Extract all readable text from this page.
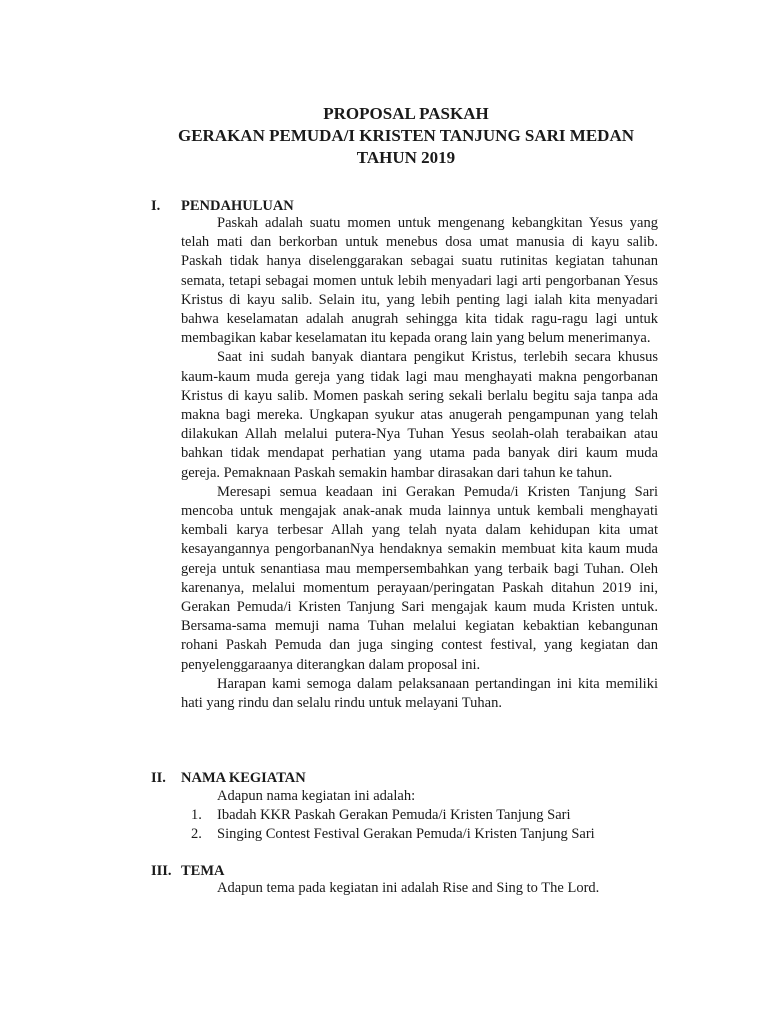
PROPOSAL PASKAH
GERAKAN PEMUDA/I KRISTEN TANJUNG SARI MEDAN
TAHUN 2019
I. PENDAHULUAN

Paskah adalah suatu momen untuk mengenang kebangkitan Yesus yang telah mati dan berkorban untuk menebus dosa umat manusia di kayu salib. Paskah tidak hanya diselenggarakan sebagai suatu rutinitas kegiatan tahunan semata, tetapi sebagai momen untuk lebih menyadari lagi arti pengorbanan Yesus Kristus di kayu salib. Selain itu, yang lebih penting lagi ialah kita menyadari bahwa keselamatan adalah anugrah sehingga kita tidak ragu-ragu lagi untuk membagikan kabar keselamatan itu kepada orang lain yang belum menerimanya.

Saat ini sudah banyak diantara pengikut Kristus, terlebih secara khusus kaum-kaum muda gereja yang tidak lagi mau menghayati makna pengorbanan Kristus di kayu salib. Momen paskah sering sekali berlalu begitu saja tanpa ada makna bagi mereka. Ungkapan syukur atas anugerah pengampunan yang telah dilakukan Allah melalui putera-Nya Tuhan Yesus seolah-olah terabaikan atau bahkan tidak mendapat perhatian yang utama pada banyak diri kaum muda gereja. Pemaknaan Paskah semakin hambar dirasakan dari tahun ke tahun.

Meresapi semua keadaan ini Gerakan Pemuda/i Kristen Tanjung Sari mencoba untuk mengajak anak-anak muda lainnya untuk kembali menghayati kembali karya terbesar Allah yang telah nyata dalam kehidupan kita umat kesayangannya pengorbananNya hendaknya semakin membuat kita kaum muda gereja untuk senantiasa mau mempersembahkan yang terbaik bagi Tuhan. Oleh karenanya, melalui momentum perayaan/peringatan Paskah ditahun 2019 ini, Gerakan Pemuda/i Kristen Tanjung Sari mengajak kaum muda Kristen untuk. Bersama-sama memuji nama Tuhan melalui kegiatan kebaktian kebangunan rohani Paskah Pemuda dan juga singing contest festival, yang kegiatan dan penyelenggaraanya diterangkan dalam proposal ini.

Harapan kami semoga dalam pelaksanaan pertandingan ini kita memiliki hati yang rindu dan selalu rindu untuk melayani Tuhan.

II. NAMA KEGIATAN

Adapun nama kegiatan ini adalah:

1. Ibadah KKR Paskah Gerakan Pemuda/i Kristen Tanjung Sari
2. Singing Contest Festival Gerakan Pemuda/i Kristen Tanjung Sari
III. TEMA

Adapun tema pada kegiatan ini adalah Rise and Sing to The Lord.
